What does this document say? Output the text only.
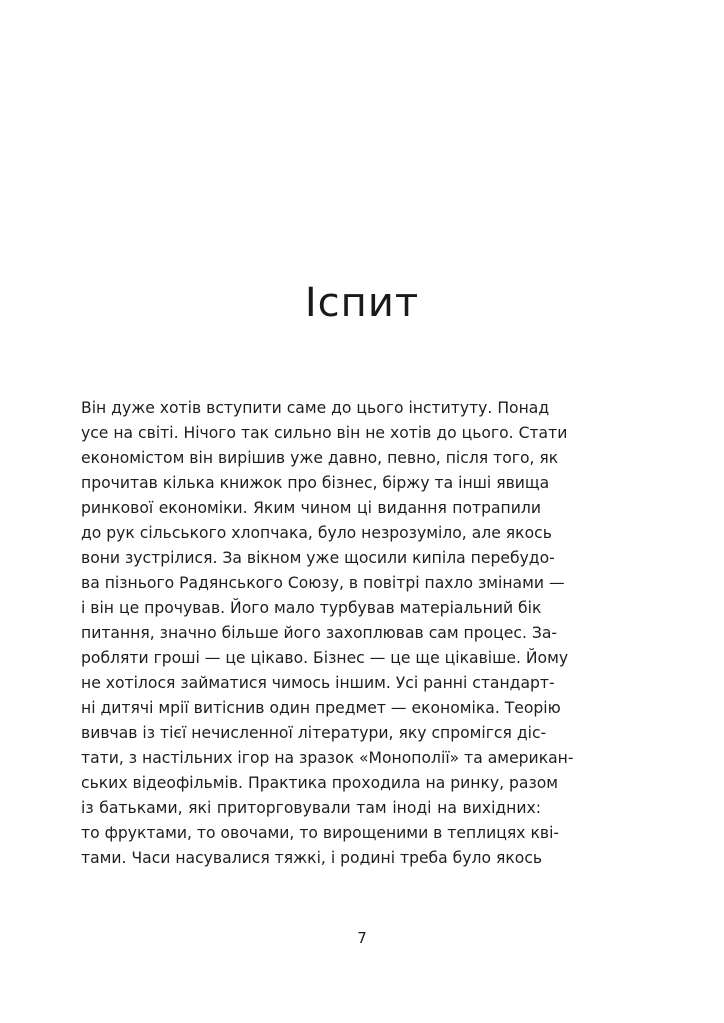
Іспит
Він дуже хотів вступити саме до цього інституту. Понад
усе на світі. Нічого так сильно він не хотів до цього. Стати
економістом він вирішив уже давно, певно, після того, як
прочитав кілька книжок про бізнес, біржу та інші явища
ринкової економіки. Яким чином ці видання потрапили
до рук сільського хлопчака, було незрозуміло, але якось
вони зустрілися. За вікном уже щосили кипіла перебудо-
ва пізнього Радянського Союзу, в повітрі пахло змінами —
і він це прочував. Його мало турбував матеріальний бік
питання, значно більше його захоплював сам процес. За-
робляти гроші — це цікаво. Бізнес — це ще цікавіше. Йому
не хотілося займатися чимось іншим. Усі ранні стандарт-
ні дитячі мрії витіснив один предмет — економіка. Теорію
вивчав із тієї нечисленної літератури, яку спромігся діс-
тати, з настільних ігор на зразок «Монополії» та американ-
ських відеофільмів. Практика проходила на ринку, разом
із батьками, які приторговували там іноді на вихідних:
то фруктами, то овочами, то вирощеними в теплицях кві-
тами. Часи насувалися тяжкі, і родині треба було якось
7
